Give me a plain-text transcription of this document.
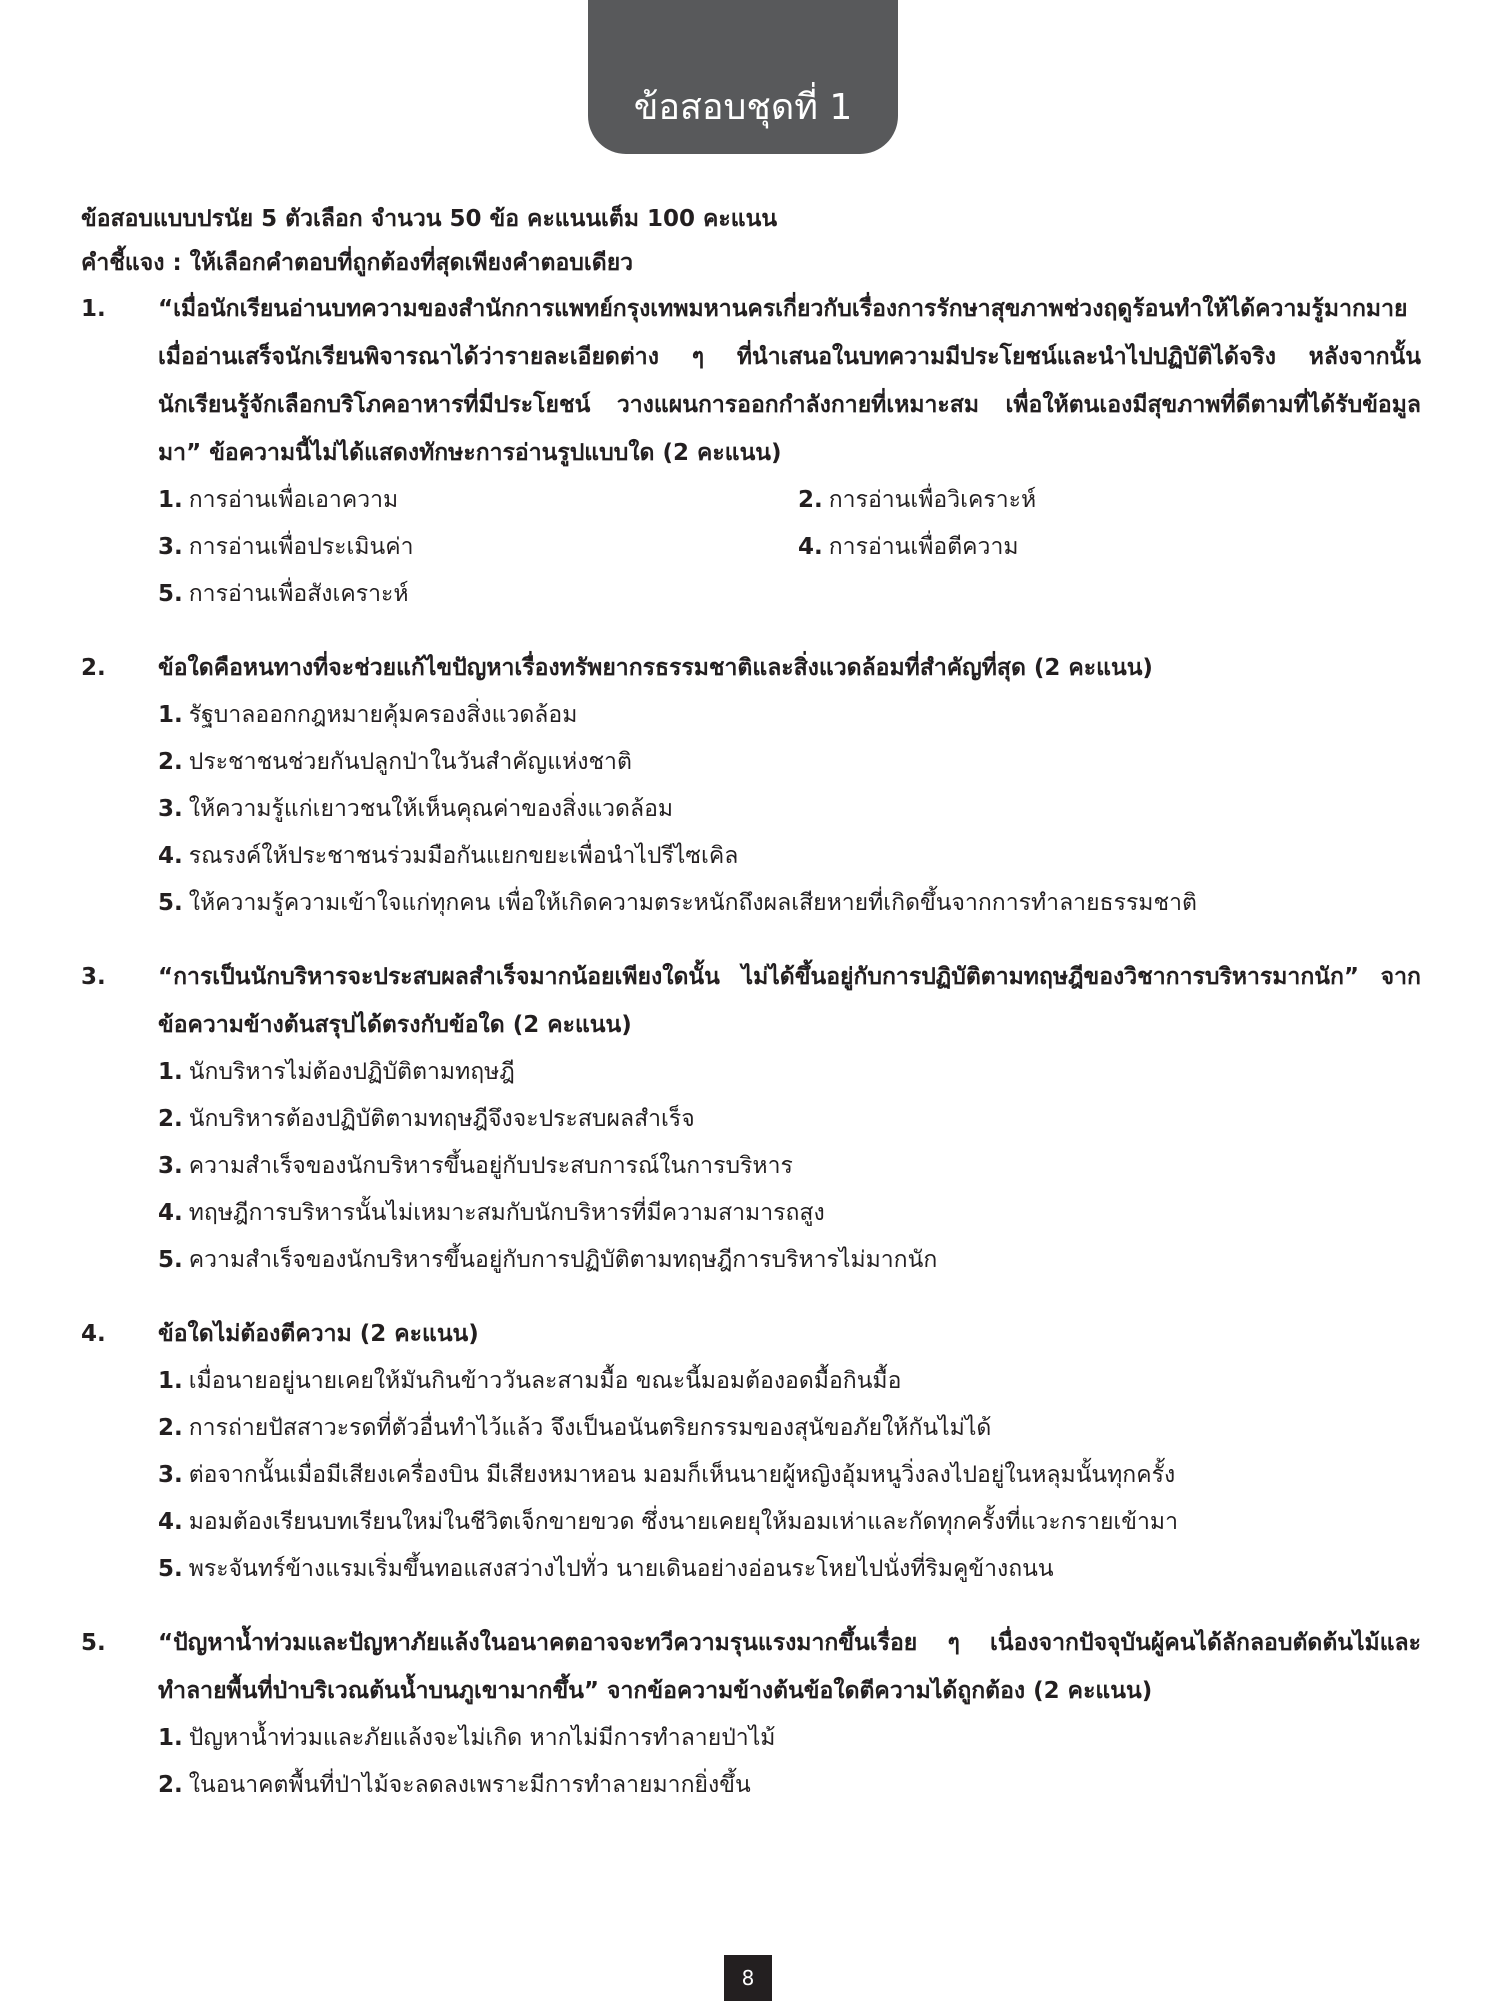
ข้อสอบชุดที่ 1

ข้อสอบแบบปรนัย 5 ตัวเลือก จำนวน 50 ข้อ คะแนนเต็ม 100 คะแนน

คำชี้แจง : ให้เลือกคำตอบที่ถูกต้องที่สุดเพียงคำตอบเดียว

1.	“เมื่อนักเรียนอ่านบทความของสำนักการแพทย์กรุงเทพมหานครเกี่ยวกับเรื่องการรักษาสุขภาพช่วงฤดูร้อนทำให้ได้ความรู้มากมาย เมื่ออ่านเสร็จนักเรียนพิจารณาได้ว่ารายละเอียดต่าง ๆ ที่นำเสนอในบทความมีประโยชน์และนำไปปฏิบัติได้จริง หลังจากนั้นนักเรียนรู้จักเลือกบริโภคอาหารที่มีประโยชน์ วางแผนการออกกำลังกายที่เหมาะสม เพื่อให้ตนเองมีสุขภาพที่ดีตามที่ได้รับข้อมูลมา” ข้อความนี้ไม่ได้แสดงทักษะการอ่านรูปแบบใด (2 คะแนน)

1. การอ่านเพื่อเอาความ	2. การอ่านเพื่อวิเคราะห์
3. การอ่านเพื่อประเมินค่า	4. การอ่านเพื่อตีความ
5. การอ่านเพื่อสังเคราะห์
2.	ข้อใดคือหนทางที่จะช่วยแก้ไขปัญหาเรื่องทรัพยากรธรรมชาติและสิ่งแวดล้อมที่สำคัญที่สุด (2 คะแนน)

1. รัฐบาลออกกฎหมายคุ้มครองสิ่งแวดล้อม
2. ประชาชนช่วยกันปลูกป่าในวันสำคัญแห่งชาติ
3. ให้ความรู้แก่เยาวชนให้เห็นคุณค่าของสิ่งแวดล้อม
4. รณรงค์ให้ประชาชนร่วมมือกันแยกขยะเพื่อนำไปรีไซเคิล
5. ให้ความรู้ความเข้าใจแก่ทุกคน เพื่อให้เกิดความตระหนักถึงผลเสียหายที่เกิดขึ้นจากการทำลายธรรมชาติ
3.	“การเป็นนักบริหารจะประสบผลสำเร็จมากน้อยเพียงใดนั้น ไม่ได้ขึ้นอยู่กับการปฏิบัติตามทฤษฎีของวิชาการบริหารมากนัก” จากข้อความข้างต้นสรุปได้ตรงกับข้อใด (2 คะแนน)

1. นักบริหารไม่ต้องปฏิบัติตามทฤษฎี
2. นักบริหารต้องปฏิบัติตามทฤษฎีจึงจะประสบผลสำเร็จ
3. ความสำเร็จของนักบริหารขึ้นอยู่กับประสบการณ์ในการบริหาร
4. ทฤษฎีการบริหารนั้นไม่เหมาะสมกับนักบริหารที่มีความสามารถสูง
5. ความสำเร็จของนักบริหารขึ้นอยู่กับการปฏิบัติตามทฤษฎีการบริหารไม่มากนัก
4.	ข้อใดไม่ต้องตีความ (2 คะแนน)

1. เมื่อนายอยู่นายเคยให้มันกินข้าววันละสามมื้อ ขณะนี้มอมต้องอดมื้อกินมื้อ
2. การถ่ายปัสสาวะรดที่ตัวอื่นทำไว้แล้ว จึงเป็นอนันตริยกรรมของสุนัขอภัยให้กันไม่ได้
3. ต่อจากนั้นเมื่อมีเสียงเครื่องบิน มีเสียงหมาหอน มอมก็เห็นนายผู้หญิงอุ้มหนูวิ่งลงไปอยู่ในหลุมนั้นทุกครั้ง
4. มอมต้องเรียนบทเรียนใหม่ในชีวิตเจ็กขายขวด ซึ่งนายเคยยุให้มอมเห่าและกัดทุกครั้งที่แวะกรายเข้ามา
5. พระจันทร์ข้างแรมเริ่มขึ้นทอแสงสว่างไปทั่ว นายเดินอย่างอ่อนระโหยไปนั่งที่ริมคูข้างถนน
5.	“ปัญหาน้ำท่วมและปัญหาภัยแล้งในอนาคตอาจจะทวีความรุนแรงมากขึ้นเรื่อย ๆ เนื่องจากปัจจุบันผู้คนได้ลักลอบตัดต้นไม้และทำลายพื้นที่ป่าบริเวณต้นน้ำบนภูเขามากขึ้น” จากข้อความข้างต้นข้อใดตีความได้ถูกต้อง (2 คะแนน)

1. ปัญหาน้ำท่วมและภัยแล้งจะไม่เกิด หากไม่มีการทำลายป่าไม้
2. ในอนาคตพื้นที่ป่าไม้จะลดลงเพราะมีการทำลายมากยิ่งขึ้น
8
